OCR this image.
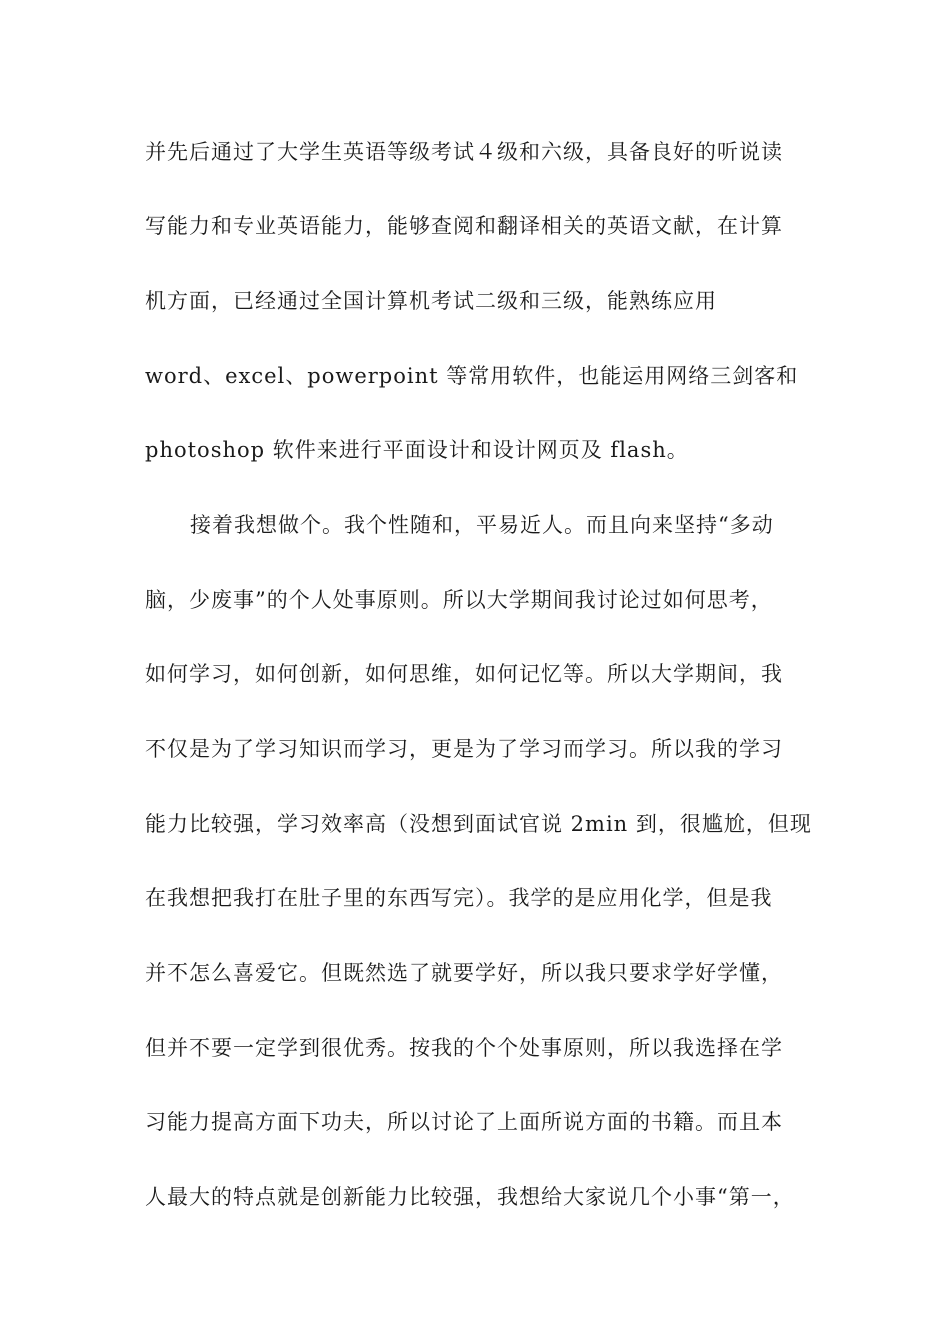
并先后通过了大学生英语等级考试４级和六级，具备良好的听说读
写能力和专业英语能力，能够查阅和翻译相关的英语文献，在计算
机方面，已经通过全国计算机考试二级和三级，能熟练应用
word、excel、powerpoint 等常用软件，也能运用网络三剑客和
photoshop 软件来进行平面设计和设计网页及 flash。
接着我想做个。我个性随和，平易近人。而且向来坚持“多动
脑，少废事”的个人处事原则。所以大学期间我讨论过如何思考，
如何学习，如何创新，如何思维，如何记忆等。所以大学期间，我
不仅是为了学习知识而学习，更是为了学习而学习。所以我的学习
能力比较强，学习效率高（没想到面试官说 2min 到，很尴尬，但现
在我想把我打在肚子里的东西写完）。我学的是应用化学，但是我
并不怎么喜爱它。但既然选了就要学好，所以我只要求学好学懂，
但并不要一定学到很优秀。按我的个个处事原则，所以我选择在学
习能力提高方面下功夫，所以讨论了上面所说方面的书籍。而且本
人最大的特点就是创新能力比较强，我想给大家说几个小事“第一，
